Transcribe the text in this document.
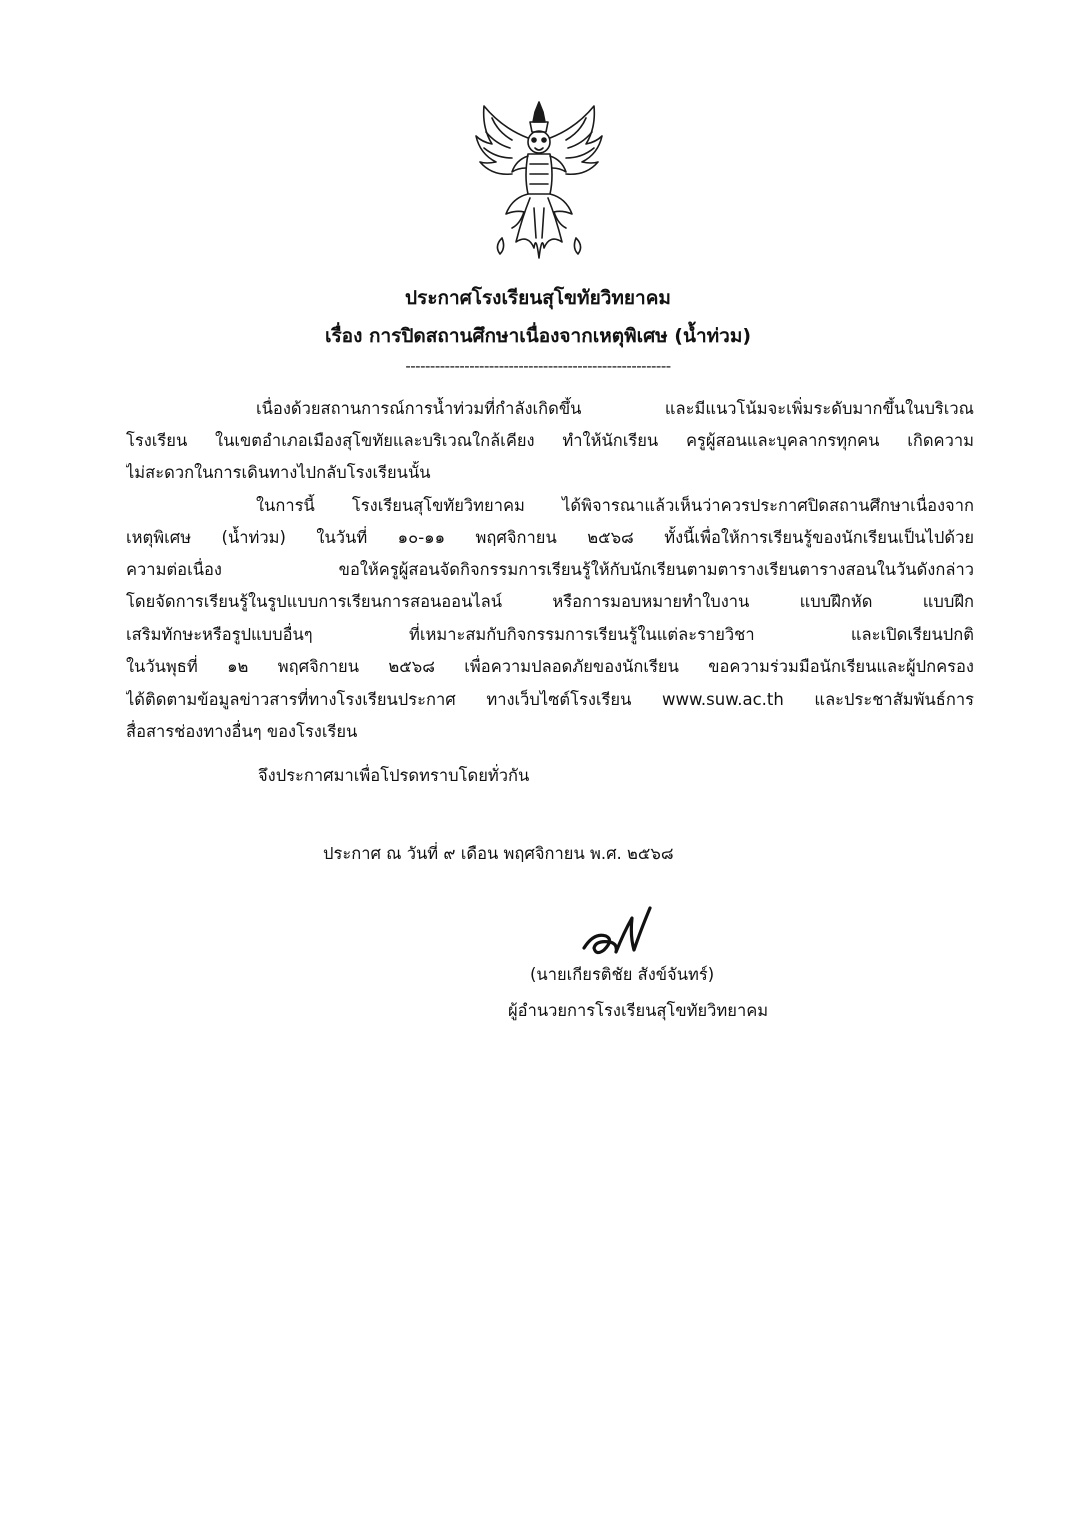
ประกาศโรงเรียนสุโขทัยวิทยาคม
เรื่อง การปิดสถานศึกษาเนื่องจากเหตุพิเศษ (น้ำท่วม)
------------------------------------------------------
เนื่องด้วยสถานการณ์การน้ำท่วมที่กำลังเกิดขึ้น และมีแนวโน้มจะเพิ่มระดับมากขึ้นในบริเวณ
โรงเรียน ในเขตอำเภอเมืองสุโขทัยและบริเวณใกล้เคียง ทำให้นักเรียน ครูผู้สอนและบุคลากรทุกคน เกิดความ
ไม่สะดวกในการเดินทางไปกลับโรงเรียนนั้น
ในการนี้ โรงเรียนสุโขทัยวิทยาคม ได้พิจารณาแล้วเห็นว่าควรประกาศปิดสถานศึกษาเนื่องจาก
เหตุพิเศษ (น้ำท่วม) ในวันที่ ๑๐-๑๑ พฤศจิกายน ๒๕๖๘ ทั้งนี้เพื่อให้การเรียนรู้ของนักเรียนเป็นไปด้วย
ความต่อเนื่อง ขอให้ครูผู้สอนจัดกิจกรรมการเรียนรู้ให้กับนักเรียนตามตารางเรียนตารางสอนในวันดังกล่าว
โดยจัดการเรียนรู้ในรูปแบบการเรียนการสอนออนไลน์ หรือการมอบหมายทำใบงาน แบบฝึกหัด แบบฝึก
เสริมทักษะหรือรูปแบบอื่นๆ ที่เหมาะสมกับกิจกรรมการเรียนรู้ในแต่ละรายวิชา และเปิดเรียนปกติ
ในวันพุธที่ ๑๒ พฤศจิกายน ๒๕๖๘ เพื่อความปลอดภัยของนักเรียน ขอความร่วมมือนักเรียนและผู้ปกครอง
ได้ติดตามข้อมูลข่าวสารที่ทางโรงเรียนประกาศ ทางเว็บไซต์โรงเรียน www.suw.ac.th และประชาสัมพันธ์การ
สื่อสารช่องทางอื่นๆ ของโรงเรียน
จึงประกาศมาเพื่อโปรดทราบโดยทั่วกัน
ประกาศ ณ วันที่ ๙ เดือน พฤศจิกายน พ.ศ. ๒๕๖๘
(นายเกียรติชัย สังข์จันทร์)
ผู้อำนวยการโรงเรียนสุโขทัยวิทยาคม
